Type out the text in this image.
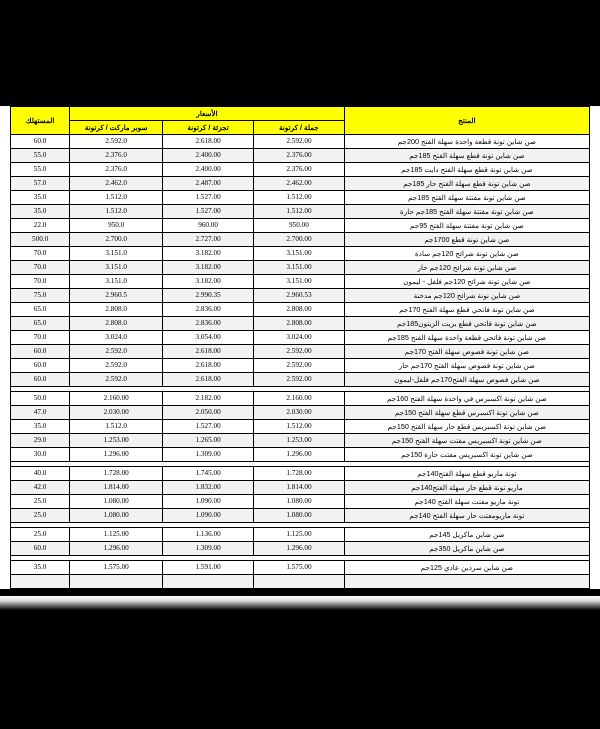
المنتج	الأسعار			المستهلك
	جملة / كرتونة	تجزئة / كرتونة	سوبر ماركت / كرتونة	
صن شاين تونة قطعة واحدة سهلة الفتح 200جم	2.592.00	2.618.00	2.592.0	60.0
صن شاين تونة قطع سهلة الفتح 185جم	2.376.00	2.400.00	2.376.0	55.0
صن شاين تونة قطع سهلة الفتح دايت 185جم	2.376.00	2.400.00	2.376.0	55.0
صن شاين تونة قطع سهلة الفتح حار 185جم	2.462.00	2.487.00	2.462.0	57.0
صن شاين تونة مفتتة سهلة الفتح 185جم	1.512.00	1.527.00	1.512.0	35.0
صن شاين تونة مفتتة سهلة الفتح 185جم حارة	1.512.00	1.527.00	1.512.0	35.0
صن شاين تونة مفتتة سهلة الفتح 95جم	950.00	960.00	950.0	22.0
صن شاين تونة قطع 1700جم	2.700.00	2.727.00	2.700.0	500.0
صن شاين تونة شرائح 120جم سادة	3.151.00	3.182.00	3.151.0	70.0
صن شاين تونة شرائح 120جم حار	3.151.00	3.182.00	3.151.0	70.0
صن شاين تونة شرائح 120جم فلفل - ليمون	3.151.00	3.182.00	3.151.0	70.0
صن شاين تونة شرائح 120جم مدخنة	2.960.53	2.990.35	2.960.5	75.0
صن شاين تونة فاتحي قطع سهلة الفتح 170جم	2.808.00	2.836.00	2.808.0	65.0
صن شاين تونة فاتحي قطع بزيت الزيتون185جم	2.808.00	2.836.00	2.808.0	65.0
صن شاين تونة فاتحي قطعة واحدة سهلة الفتح 185جم	3.024.00	3.054.00	3.024.0	70.0
صن شاين تونة فصوص سهلة الفتح 170جم	2.592.00	2.618.00	2.592.0	60.0
صن شاين تونة فصوص سهلة الفتح 170جم حار	2.592.00	2.618.00	2.592.0	60.0
صن شاين فصوص سهلة الفتح170جم فلفل-ليمون	2.592.00	2.618.00	2.592.0	60.0

صن شاين تونة اكسبرس في واحدة سهلة الفتح 160جم	2.160.00	2.182.00	2.160.00	50.0
صن شاين تونة اكسبرس قطع سهلة الفتح 150جم	2.030.00	2.050.00	2.030.00	47.0
صن شاين تونة اكسبريس قطع حار سهلة الفتح 150جم	1.512.00	1.527.00	1.512.0	35.0
صن شاين تونة اكسبريس مفتت سهلة الفتح 150جم	1.253.00	1.265.00	1.253.00	29.0
صن شاين تونة اكسبريس مفتت حارة 150جم	1.296.00	1.309.00	1.296.00	30.0

تونة ماريو قطع سهلة الفتح140جم	1.728.00	1.745.00	1.728.00	40.0
ماريو تونة قطع حار سهلة الفتح140جم	1.814.00	1.832.00	1.814.00	42.0
تونة ماريو مفتت سهلة الفتح 140جم	1.080.00	1.090.00	1.080.00	25.0
تونة ماريومفتت حار سهلة الفتح 140جم	1.080.00	1.090.00	1.080.00	25.0

صن شاين ماكريل 145جم	1.125.00	1.136.00	1.125.00	25.0
صن شاين ماكريل 350جم	1.296.00	1.309.00	1.296.00	60.0

صن شاين سردين عادي 125جم	1.575.00	1.591.00	1.575.00	35.0
